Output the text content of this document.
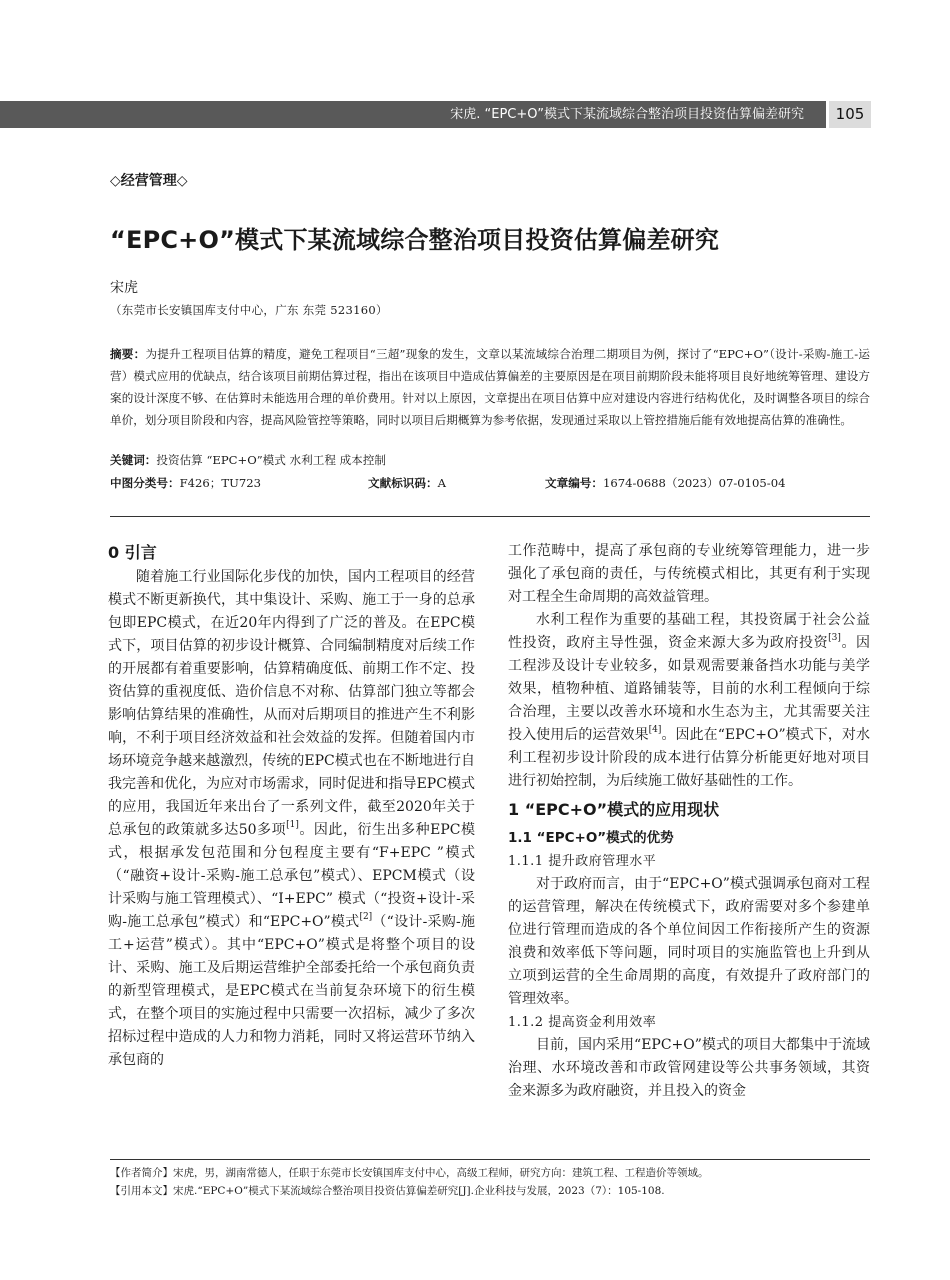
宋虎. “EPC+O”模式下某流域综合整治项目投资估算偏差研究	105
◇经营管理◇
“EPC+O”模式下某流域综合整治项目投资估算偏差研究
宋虎
（东莞市长安镇国库支付中心，广东 东莞 523160）

摘要：为提升工程项目估算的精度，避免工程项目“三超”现象的发生，文章以某流域综合治理二期项目为例，探讨了“EPC+O”（设计-采购-施工-运营）模式应用的优缺点，结合该项目前期估算过程，指出在该项目中造成估算偏差的主要原因是在项目前期阶段未能将项目良好地统筹管理、建设方案的设计深度不够、在估算时未能选用合理的单价费用。针对以上原因，文章提出在项目估算中应对建设内容进行结构优化，及时调整各项目的综合单价，划分项目阶段和内容，提高风险管控等策略，同时以项目后期概算为参考依据，发现通过采取以上管控措施后能有效地提高估算的准确性。

关键词：投资估算 “EPC+O”模式 水利工程 成本控制
中图分类号：F426；TU723	文献标识码：A	文章编号：1674-0688（2023）07-0105-04

0 引言

随着施工行业国际化步伐的加快，国内工程项目的经营模式不断更新换代，其中集设计、采购、施工于一身的总承包即EPC模式，在近20年内得到了广泛的普及。在EPC模式下，项目估算的初步设计概算、合同编制精度对后续工作的开展都有着重要影响，估算精确度低、前期工作不定、投资估算的重视度低、造价信息不对称、估算部门独立等都会影响估算结果的准确性，从而对后期项目的推进产生不利影响，不利于项目经济效益和社会效益的发挥。但随着国内市场环境竞争越来越激烈，传统的EPC模式也在不断地进行自我完善和优化，为应对市场需求，同时促进和指导EPC模式的应用，我国近年来出台了一系列文件，截至2020年关于总承包的政策就多达50多项[1]。因此，衍生出多种EPC模式，根据承发包范围和分包程度主要有“F+EPC ”模式（“融资+设计-采购-施工总承包”模式）、EPCM模式（设计采购与施工管理模式）、“I+EPC” 模式（“投资+设计-采购-施工总承包”模式）和“EPC+O”模式[2]（“设计-采购-施工+运营”模式）。其中“EPC+O”模式是将整个项目的设计、采购、施工及后期运营维护全部委托给一个承包商负责的新型管理模式，是EPC模式在当前复杂环境下的衍生模式，在整个项目的实施过程中只需要一次招标，减少了多次招标过程中造成的人力和物力消耗，同时又将运营环节纳入承包商的

工作范畴中，提高了承包商的专业统筹管理能力，进一步强化了承包商的责任，与传统模式相比，其更有利于实现对工程全生命周期的高效益管理。

水利工程作为重要的基础工程，其投资属于社会公益性投资，政府主导性强，资金来源大多为政府投资[3]。因工程涉及设计专业较多，如景观需要兼备挡水功能与美学效果，植物种植、道路铺装等，目前的水利工程倾向于综合治理，主要以改善水环境和水生态为主，尤其需要关注投入使用后的运营效果[4]。因此在“EPC+O”模式下，对水利工程初步设计阶段的成本进行估算分析能更好地对项目进行初始控制，为后续施工做好基础性的工作。

1 “EPC+O”模式的应用现状

1.1 “EPC+O”模式的优势

1.1.1 提升政府管理水平

对于政府而言，由于“EPC+O”模式强调承包商对工程的运营管理，解决在传统模式下，政府需要对多个参建单位进行管理而造成的各个单位间因工作衔接所产生的资源浪费和效率低下等问题，同时项目的实施监管也上升到从立项到运营的全生命周期的高度，有效提升了政府部门的管理效率。

1.1.2 提高资金利用效率

目前，国内采用“EPC+O”模式的项目大都集中于流域治理、水环境改善和市政管网建设等公共事务领域，其资金来源多为政府融资，并且投入的资金

【作者简介】宋虎，男，湖南常德人，任职于东莞市长安镇国库支付中心，高级工程师，研究方向：建筑工程、工程造价等领域。

【引用本文】宋虎.“EPC+O”模式下某流域综合整治项目投资估算偏差研究[J].企业科技与发展，2023（7）：105-108.
